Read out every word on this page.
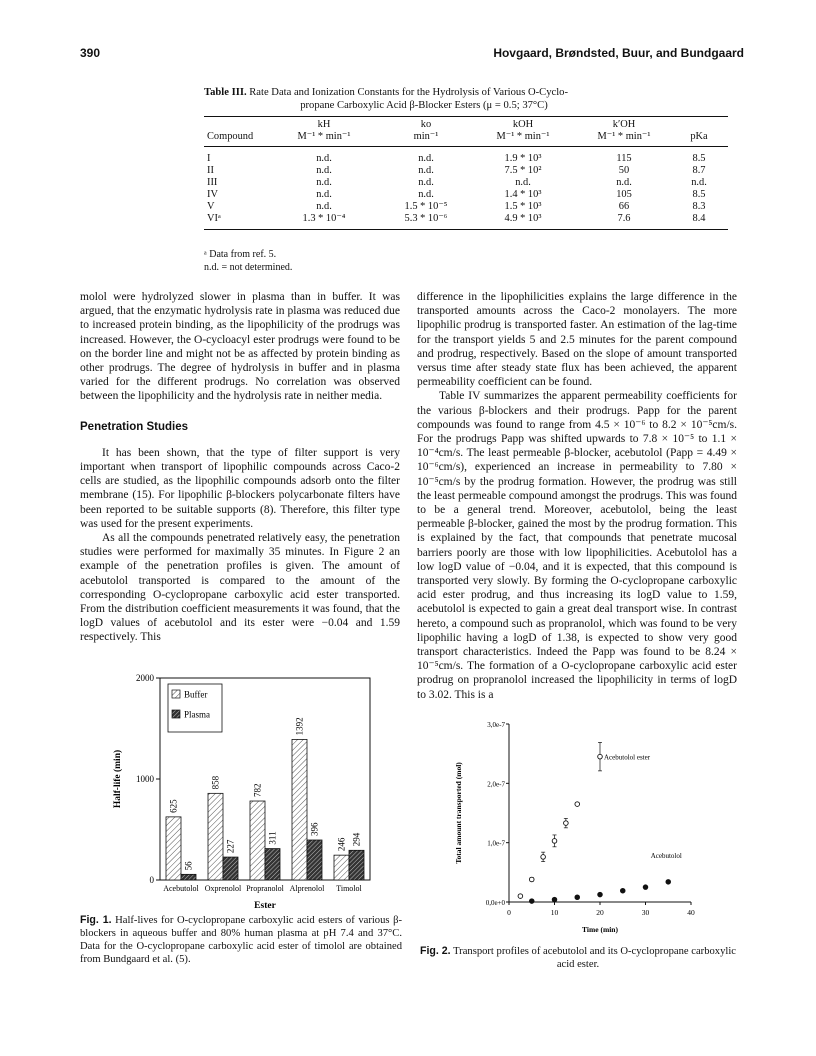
390	Hovgaard, Brøndsted, Buur, and Bundgaard
Table III. Rate Data and Ionization Constants for the Hydrolysis of Various O-Cyclo-
propane Carboxylic Acid β-Blocker Esters (μ = 0.5; 37°C)
	kH	ko	kOH	k′OH	
Compound	M⁻¹ * min⁻¹	min⁻¹	M⁻¹ * min⁻¹	M⁻¹ * min⁻¹	pKa
I	n.d.	n.d.	1.9 * 10³	115	8.5
II	n.d.	n.d.	7.5 * 10²	50	8.7
III	n.d.	n.d.	n.d.	n.d.	n.d.
IV	n.d.	n.d.	1.4 * 10³	105	8.5
V	n.d.	1.5 * 10⁻⁵	1.5 * 10³	66	8.3
VIᵃ	1.3 * 10⁻⁴	5.3 * 10⁻⁶	4.9 * 10³	7.6	8.4
ᵃ Data from ref. 5.
n.d. = not determined.

molol were hydrolyzed slower in plasma than in buffer. It was argued, that the enzymatic hydrolysis rate in plasma was reduced due to increased protein binding, as the lipophilicity of the prodrugs was increased. However, the O-cycloacyl ester prodrugs were found to be on the border line and might not be as affected by protein binding as other prodrugs. The degree of hydrolysis in buffer and in plasma varied for the different prodrugs. No correlation was observed between the lipophilicity and the hydrolysis rate in neither media.

Penetration Studies

It has been shown, that the type of filter support is very important when transport of lipophilic compounds across Caco-2 cells are studied, as the lipophilic compounds adsorb onto the filter membrane (15). For lipophilic β-blockers polycarbonate filters have been reported to be suitable supports (8). Therefore, this filter type was used for the present experiments.

As all the compounds penetrated relatively easy, the penetration studies were performed for maximally 35 minutes. In Figure 2 an example of the penetration profiles is given. The amount of acebutolol transported is compared to the amount of the corresponding O-cyclopropane carboxylic acid ester transported. From the distribution coefficient measurements it was found, that the logD values of acebutolol and its ester were −0.04 and 1.59 respectively. This

difference in the lipophilicities explains the large difference in the transported amounts across the Caco-2 monolayers. The more lipophilic prodrug is transported faster. An estimation of the lag-time for the transport yields 5 and 2.5 minutes for the parent compound and prodrug, respectively. Based on the slope of amount transported versus time after steady state flux has been achieved, the apparent permeability coefficient can be found.

Table IV summarizes the apparent permeability coefficients for the various β-blockers and their prodrugs. Papp for the parent compounds was found to range from 4.5 × 10⁻⁶ to 8.2 × 10⁻⁵cm/s. For the prodrugs Papp was shifted upwards to 7.8 × 10⁻⁵ to 1.1 × 10⁻⁴cm/s. The least permeable β-blocker, acebutolol (Papp = 4.49 × 10⁻⁶cm/s), experienced an increase in permeability to 7.80 × 10⁻⁵cm/s by the prodrug formation. However, the prodrug was still the least permeable compound amongst the prodrugs. This was found to be a general trend. Moreover, acebutolol, being the least permeable β-blocker, gained the most by the prodrug formation. This is explained by the fact, that compounds that penetrate mucosal barriers poorly are those with low lipophilicities. Acebutolol has a low logD value of −0.04, and it is expected, that this compound is transported very slowly. By forming the O-cyclopropane carboxylic acid ester prodrug, and thus increasing its logD value to 1.59, acebutolol is expected to gain a great deal transport wise. In contrast hereto, a compound such as propranolol, which was found to be very lipophilic having a logD of 1.38, is expected to show very good transport characteristics. Indeed the Papp was found to be 8.24 × 10⁻⁵cm/s. The formation of a O-cyclopropane carboxylic acid ester prodrug on propranolol increased the lipophilicity in terms of logD to 3.02. This is a

0
1000
2000
Half-life (min)
Ester
Buffer
Plasma
625
56
Acebutolol
858
227
Oxprenolol
782
311
Propranolol
1392
396
Alprenolol
246 294
Timolol
0,0e+0
1,0e-7
2,0e-7
3,0e-7
0	10	20	30	40
Time (min)
Total amount transported (mol)
Acebutolol ester
Acebutolol
Fig. 1. Half-lives for O-cyclopropane carboxylic acid esters of various β-blockers in aqueous buffer and 80% human plasma at pH 7.4 and 37°C. Data for the O-cyclopropane carboxylic acid ester of timolol are obtained from Bundgaard et al. (5).
Fig. 2. Transport profiles of acebutolol and its O-cyclopropane carboxylic acid ester.
